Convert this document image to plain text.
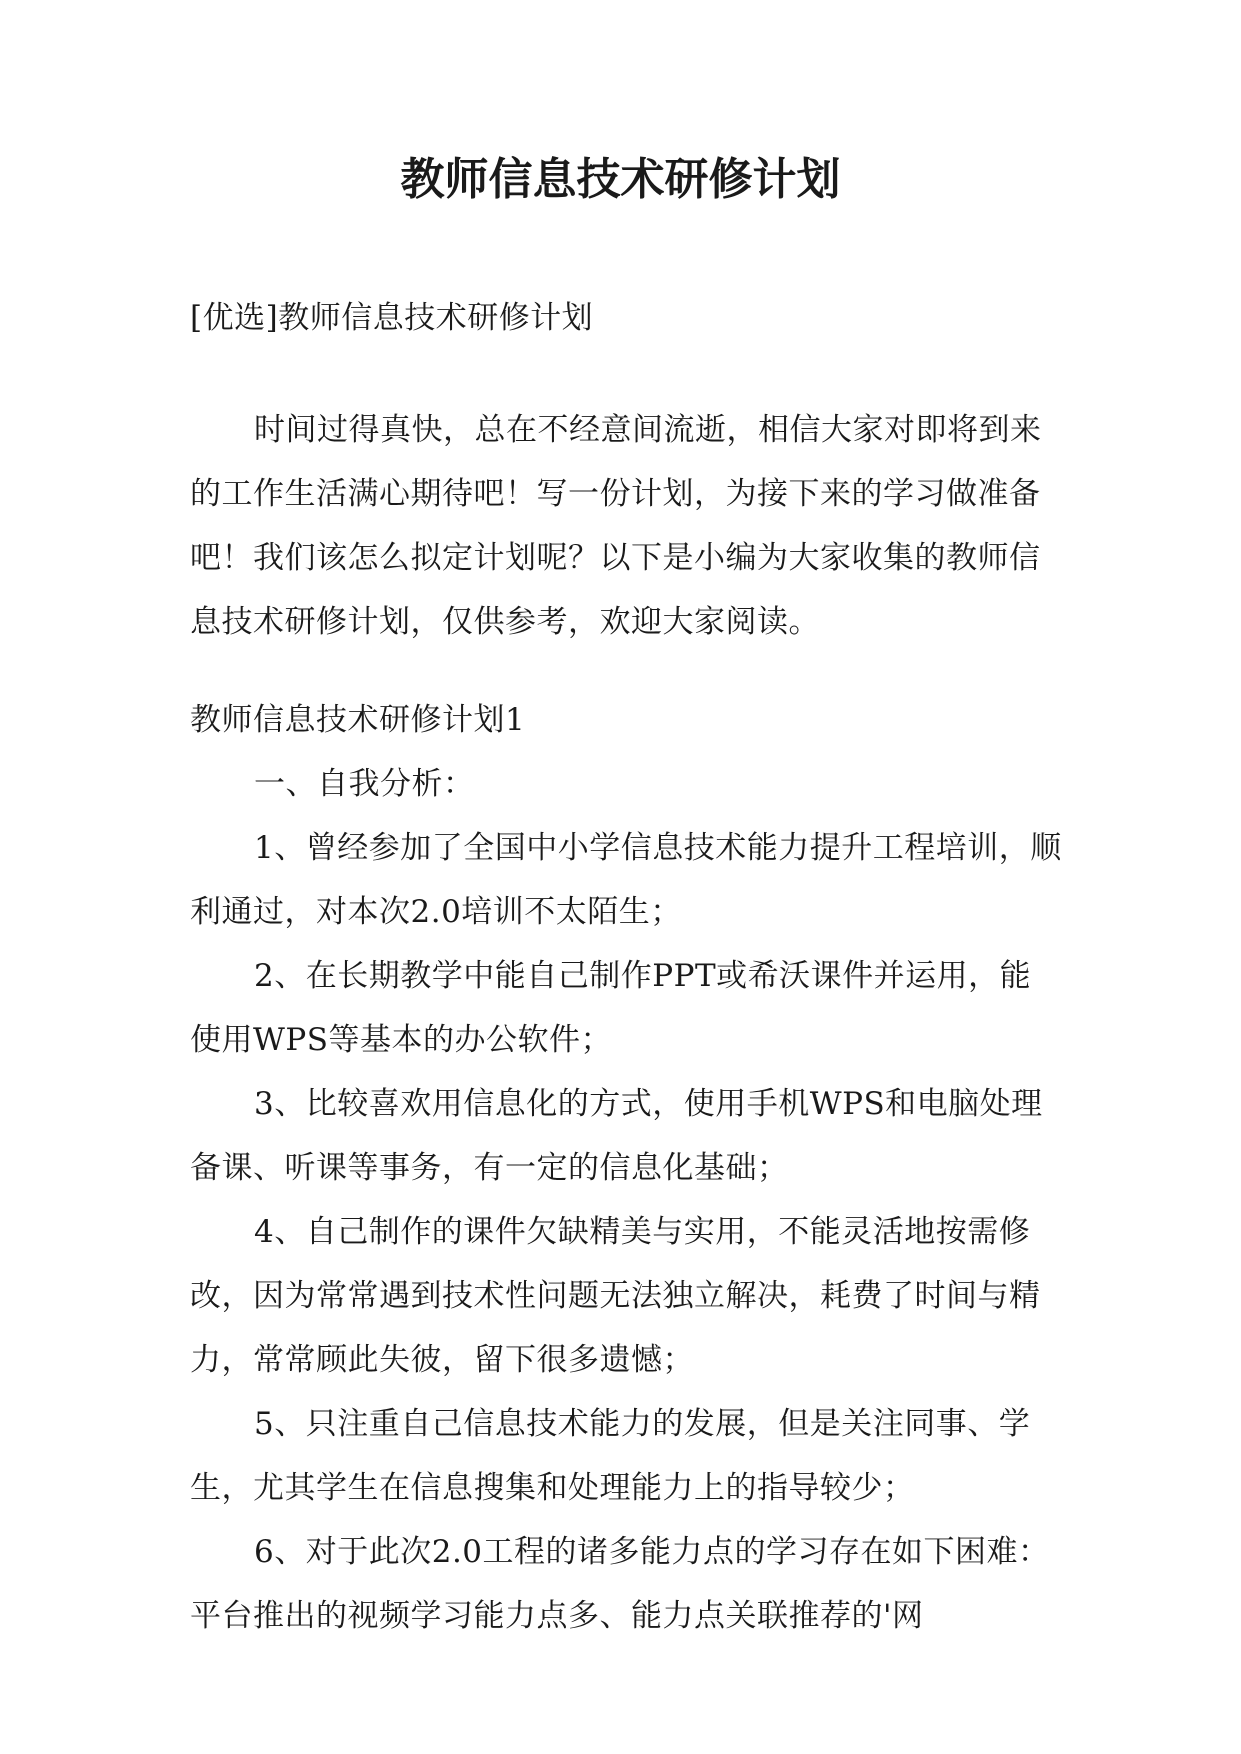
教师信息技术研修计划

[优选]教师信息技术研修计划

时间过得真快，总在不经意间流逝，相信大家对即将到来的工作生活满心期待吧！写一份计划，为接下来的学习做准备吧！我们该怎么拟定计划呢？以下是小编为大家收集的教师信息技术研修计划，仅供参考，欢迎大家阅读。

教师信息技术研修计划1

一、自我分析：

1、曾经参加了全国中小学信息技术能力提升工程培训，顺利通过，对本次2.0培训不太陌生；

2、在长期教学中能自己制作PPT或希沃课件并运用，能使用WPS等基本的办公软件；

3、比较喜欢用信息化的方式，使用手机WPS和电脑处理备课、听课等事务，有一定的信息化基础；

4、自己制作的课件欠缺精美与实用，不能灵活地按需修改，因为常常遇到技术性问题无法独立解决，耗费了时间与精力，常常顾此失彼，留下很多遗憾；

5、只注重自己信息技术能力的发展，但是关注同事、学生，尤其学生在信息搜集和处理能力上的指导较少；

6、对于此次2.0工程的诸多能力点的学习存在如下困难：平台推出的视频学习能力点多、能力点关联推荐的'网
